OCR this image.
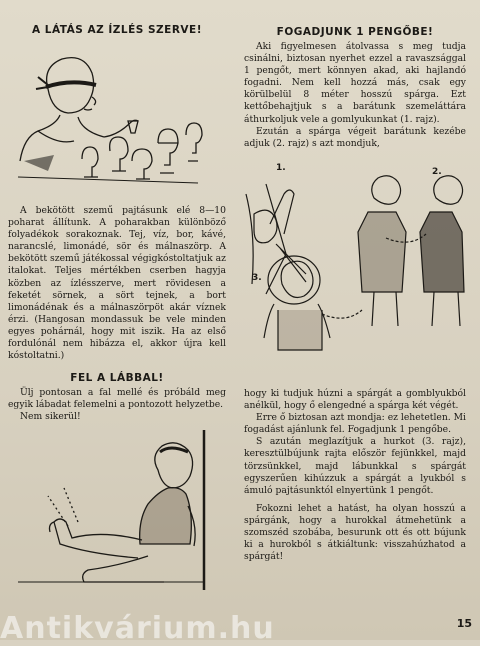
A LÁTÁS AZ ÍZLÉS SZERVE!

A bekötött szemű pajtásunk elé 8—10 poharat állítunk. A poharakban különböző folyadékok sorakoznak. Tej, víz, bor, kávé, narancslé, limonádé, sör és málnaszörp. A bekötött szemű játékossal végigkóstoltatjuk az italokat. Teljes mértékben cserben hagyja közben az ízlésszerve, mert rövidesen a feketét sörnek, a sört tejnek, a bort limonádénak és a málnaszörpöt akár víznek érzi. (Hangosan mondassuk be vele minden egyes pohárnál, hogy mit iszik. Ha az első fordulónál nem hibázza el, akkor újra kell kóstoltatni.)

FEL A LÁBBAL!

Ülj pontosan a fal mellé és próbáld meg egyik lábadat felemelni a pontozott helyzetbe.

Nem sikerül!

FOGADJUNK 1 PENGŐBE!

Aki figyelmesen átolvassa s meg tudja csinálni, biztosan nyerhet ezzel a ravaszsággal 1 pengőt, mert könnyen akad, aki hajlandó fogadni. Nem kell hozzá más, csak egy körülbelül 8 méter hosszú spárga. Ezt kettőbehajtjuk s a barátunk szemeláttára áthurkoljuk vele a gomlyukunkat (1. rajz).

Ezután a spárga végeit barátunk kezébe adjuk (2. rajz) s azt mondjuk,

1.	2.
3.

hogy ki tudjuk húzni a spárgát a gomblyukból anélkül, hogy ő elengedné a spárga két végét.

Erre ő biztosan azt mondja: ez lehetetlen. Mi fogadást ajánlunk fel. Fogadjunk 1 pengőbe.

S azután meglazítjuk a hurkot (3. rajz), keresztülbújunk rajta először fejünkkel, majd törzsünkkel, majd lábunkkal s spárgát egyszerűen kihúzzuk a spárgát a lyukból s ámuló pajtásunktól elnyertünk 1 pengőt.

Fokozni lehet a hatást, ha olyan hosszú a spárgánk, hogy a hurokkal átmehetünk a szomszéd szobába, besurunk ott és ott bújunk ki a hurokból s átkiáltunk: visszahúzhatod a spárgát!

Antikvárium.hu	15
